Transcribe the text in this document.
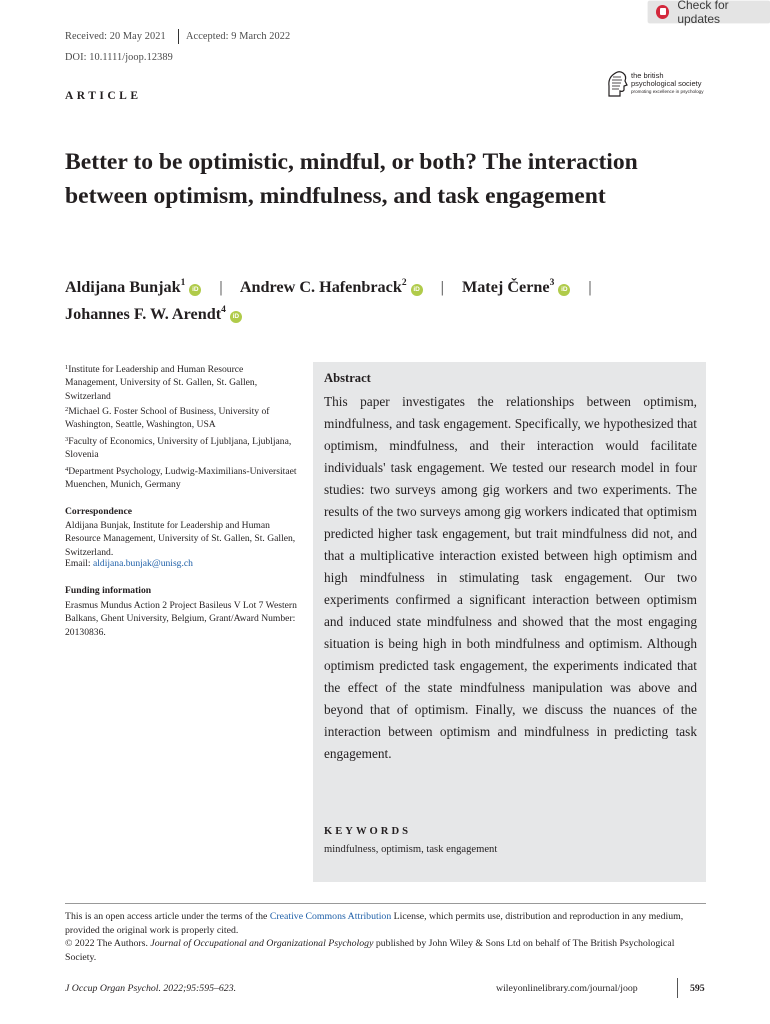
Check for updates
Received: 20 May 2021 Accepted: 9 March 2022
DOI: 10.1111/joop.12389
ARTICLE
the british
psychological society
promoting excellence in psychology
Better to be optimistic, mindful, or both? The interaction between optimism, mindfulness, and task engagement
Aldijana Bunjak$^1$iD | Andrew C. Hafenbrack$^2$iD | Matej Černe$^3$iD |
Johannes F. W. Arendt$^4$iD

$^1$Institute for Leadership and Human Resource Management, University of St. Gallen, St. Gallen, Switzerland

$^2$Michael G. Foster School of Business, University of Washington, Seattle, Washington, USA

$^3$Faculty of Economics, University of Ljubljana, Ljubljana, Slovenia

$^4$Department Psychology, Ludwig-Maximilians-Universitaet Muenchen, Munich, Germany

Correspondence

Aldijana Bunjak, Institute for Leadership and Human Resource Management, University of St. Gallen, St. Gallen, Switzerland.

Email: aldijana.bunjak@unisg.ch
Funding information

Erasmus Mundus Action 2 Project Basileus V Lot 7 Western Balkans, Ghent University, Belgium, Grant/Award Number: 20130836.

Abstract

This paper investigates the relationships between optimism, mindfulness, and task engagement. Specifically, we hypothesized that optimism, mindfulness, and their interaction would facilitate individuals' task engagement. We tested our research model in four studies: two surveys among gig workers and two experiments. The results of the two surveys among gig workers indicated that optimism predicted higher task engagement, but trait mindfulness did not, and that a multiplicative interaction existed between high optimism and high mindfulness in stimulating task engagement. Our two experiments confirmed a significant interaction between optimism and induced state mindfulness and showed that the most engaging situation is being high in both mindfulness and optimism. Although optimism predicted task engagement, the experiments indicated that the effect of the state mindfulness manipulation was above and beyond that of optimism. Finally, we discuss the nuances of the interaction between optimism and mindfulness in predicting task engagement.

KEYWORDS
mindfulness, optimism, task engagement

This is an open access article under the terms of the Creative Commons Attribution License, which permits use, distribution and reproduction in any medium, provided the original work is properly cited.
© 2022 The Authors. Journal of Occupational and Organizational Psychology published by John Wiley & Sons Ltd on behalf of The British Psychological Society.

J Occup Organ Psychol. 2022;95:595–623.	wileyonlinelibrary.com/journal/joop	595
